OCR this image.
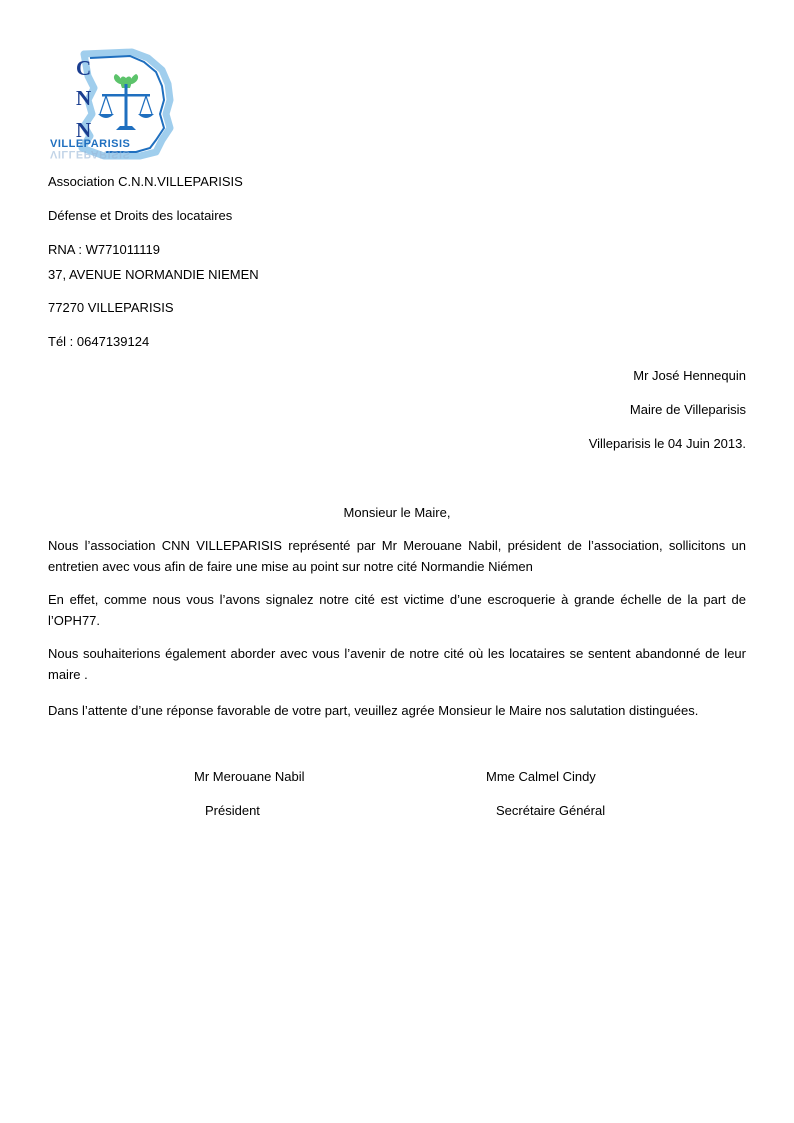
C
N
N
VILLEPARISIS
VILLEPARISIS
Association C.N.N.VILLEPARISIS
Défense et Droits des locataires
RNA : W771011119
37, AVENUE NORMANDIE NIEMEN
77270 VILLEPARISIS
Tél : 0647139124
Mr José Hennequin
Maire de Villeparisis
Villeparisis le 04 Juin 2013.
Monsieur le Maire,
Nous l’association CNN VILLEPARISIS représenté par Mr Merouane Nabil, président de l’association, sollicitons un entretien avec vous afin de faire une mise au point sur notre cité Normandie Niémen
En effet, comme nous vous l’avons signalez notre cité est victime d’une escroquerie à grande échelle de la part de l’OPH77.
Nous souhaiterions également aborder avec vous l’avenir de notre cité où les locataires se sentent abandonné de leur maire .
Dans l’attente d’une réponse favorable de votre part, veuillez agrée Monsieur le Maire nos salutation distinguées.
Mr Merouane Nabil
Président
Mme Calmel Cindy
Secrétaire Général
